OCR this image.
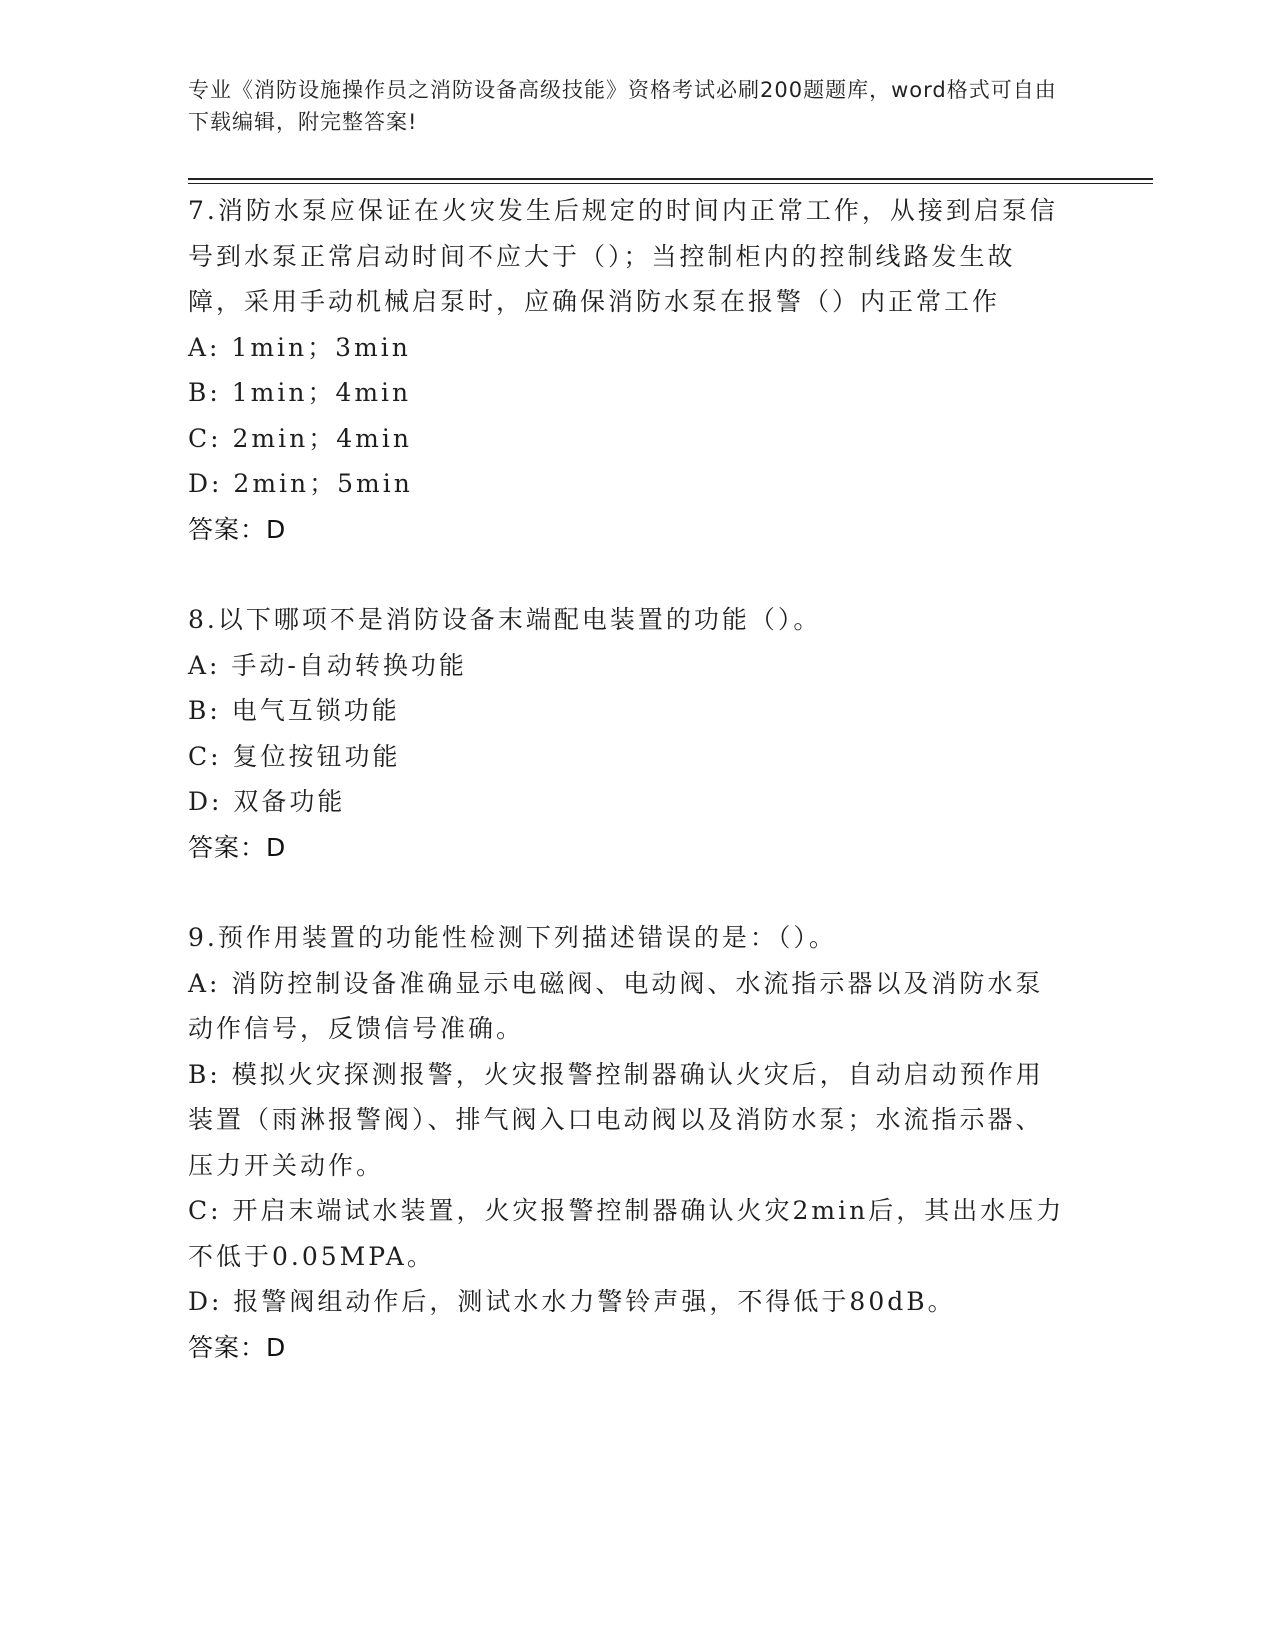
专业《消防设施操作员之消防设备高级技能》资格考试必刷200题题库，word格式可自由下载编辑，附完整答案!

7.消防水泵应保证在火灾发生后规定的时间内正常工作，从接到启泵信号到水泵正常启动时间不应大于（）；当控制柜内的控制线路发生故障，采用手动机械启泵时，应确保消防水泵在报警（）内正常工作

A: 1min；3min

B: 1min；4min

C: 2min；4min

D: 2min；5min

答案：D

8.以下哪项不是消防设备末端配电装置的功能（）。

A: 手动-自动转换功能

B: 电气互锁功能

C: 复位按钮功能

D: 双备功能

答案：D

9.预作用装置的功能性检测下列描述错误的是：（）。

A: 消防控制设备准确显示电磁阀、电动阀、水流指示器以及消防水泵动作信号，反馈信号准确。

B: 模拟火灾探测报警，火灾报警控制器确认火灾后，自动启动预作用装置（雨淋报警阀）、排气阀入口电动阀以及消防水泵；水流指示器、压力开关动作。

C: 开启末端试水装置，火灾报警控制器确认火灾2min后，其出水压力不低于0.05MPA。

D: 报警阀组动作后，测试水水力警铃声强，不得低于80dB。

答案：D
